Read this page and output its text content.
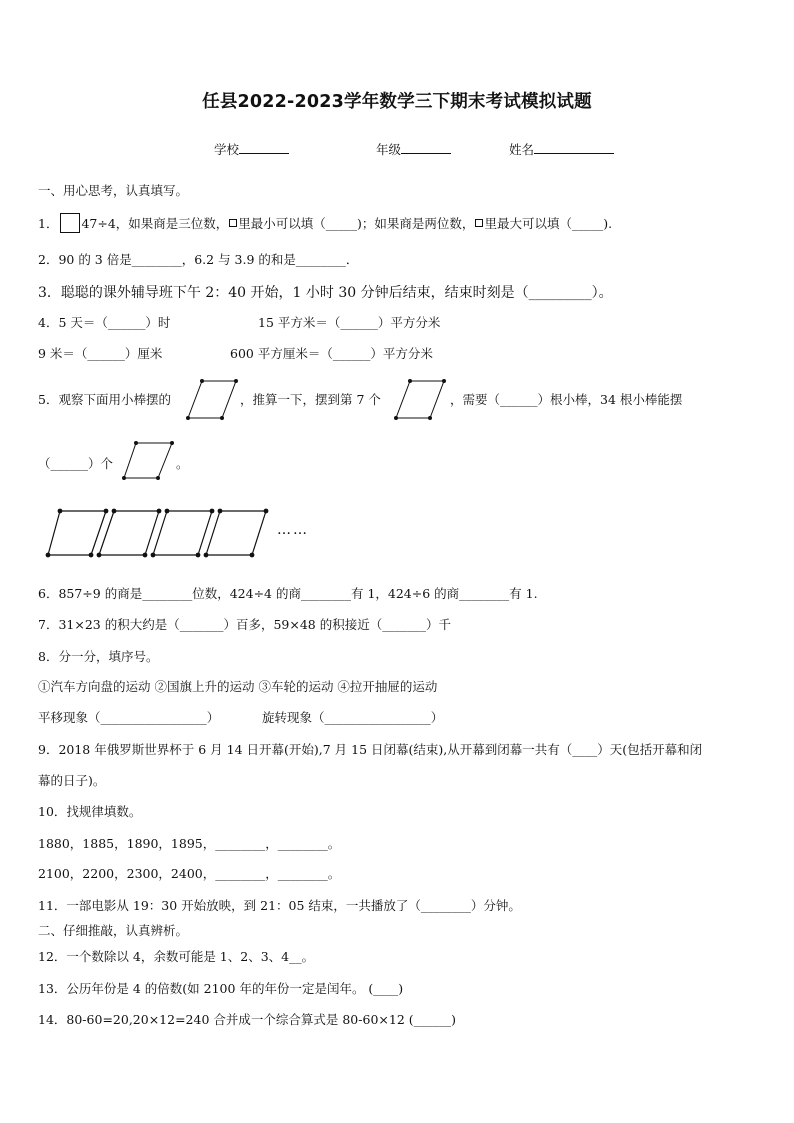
任县2022-2023学年数学三下期末考试模拟试题
学校	年级	姓名
一、用心思考，认真填写。
1． 47÷4，如果商是三位数， 里最小可以填（_____)；如果商是两位数， 里最大可以填（_____).
2．90 的 3 倍是________，6.2 与 3.9 的和是________．
3．聪聪的课外辅导班下午 2：40 开始，1 小时 30 分钟后结束，结束时刻是（_________）。
4．5 天＝（______）时	15 平方米＝（______）平方分米
9 米＝（______）厘米	600 平方厘米＝（______）平方分米
5．观察下面用小棒摆的	，推算一下，摆到第 7 个	，需要（______）根小棒，34 根小棒能摆
（______）个	。
……
6．857÷9 的商是________位数，424÷4 的商________有 1，424÷6 的商________有 1.
7．31×23 的积大约是（_______）百多，59×48 的积接近（_______）千
8．分一分，填序号。
①汽车方向盘的运动 ②国旗上升的运动 ③车轮的运动 ④拉开抽屉的运动
平移现象（_________________）	旋转现象（_________________）
9．2018 年俄罗斯世界杯于 6 月 14 日开幕(开始),7 月 15 日闭幕(结束),从开幕到闭幕一共有（____）天(包括开幕和闭
幕的日子)。
10．找规律填数。
1880，1885，1890，1895，________，________。
2100，2200，2300，2400，________，________。
11．一部电影从 19：30 开始放映，到 21：05 结束，一共播放了（________）分钟。
二、仔细推敲，认真辨析。
12．一个数除以 4，余数可能是 1、2、3、4__。
13．公历年份是 4 的倍数(如 2100 年的年份一定是闰年。 (____)
14．80-60=20,20×12=240 合并成一个综合算式是 80-60×12 (______)
